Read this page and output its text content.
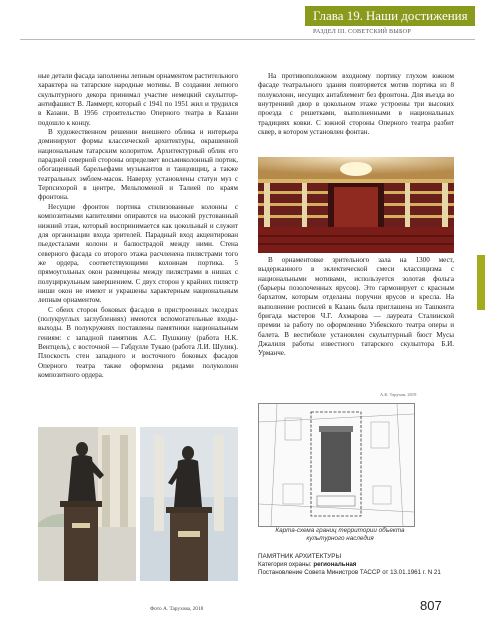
Глава 19. Наши достижения
РАЗДЕЛ III. СОВЕТСКИЙ ВЫБОР

ные детали фасада заполнены лепным орнаментом растительного характера на татарские народные мотивы. В создании лепного скульптурного декора принимал участие немецкий скульптор-антифашист В. Ламмерт, который с 1941 по 1951 жил и трудился в Казани. В 1956 строительство Оперного театра в Казани подошло к концу.

В художественном решении внешнего облика и интерьера доминируют формы классической архитектуры, окрашенной национальным татарским колоритом. Архитектурный облик его парадной северной стороны определяет восьмиколонный портик, обогащенный барельефами музыкантов и танцовщиц, а также театральных эмблем-масок. Наверху установлены статуи муз с Терпсихорой в центре, Мельпоменой и Талией по краям фронтона.

Несущие фронтон портика стилизованные колонны с композитными капителями опираются на высокий рустованный нижний этаж, который воспринимается как цокольный и служит для организации входа зрителей. Парадный вход акцентирован пьедесталами колонн и балюстрадой между ними. Стена северного фасада со второго этажа расчленена пилястрами того же ордера, соответствующими колоннам портика. 5 прямоугольных окон размещены между пилястрами в нишах с полуциркульным завершением. С двух сторон у крайних пилястр ниши окон не имеют и украшены характерным национальным лепным орнаментом.

С обеих сторон боковых фасадов в пристроенных экседрах (полукруглых заглублениях) имеются вспомогательные входы-выходы. В полукружиях поставлены памятники национальным гениям: с западной памятник А.С. Пушкину (работа Н.К. Вентцель), с восточной — Габдулле Тукаю (работа Л.И. Шулик). Плоскость стен западного и восточного боковых фасадов Оперного театра также оформлена рядами полуколонн композитного ордера.

На противоположном входному портику глухом южном фасаде театрального здания повторяется мотив портика из 8 полуколонн, несущих антаблемент без фронтона. Для въезда во внутренний двор в цокольном этаже устроены три высоких проезда с решетками, выполненными в национальных традициях ковки. С южной стороны Оперного театра разбит сквер, в котором установлен фонтан.

В орнаментовке зрительного зала на 1300 мест, выдержанного в эклектической смеси классицизма с национальными мотивами, используется золотая фольга (барьеры позолоченных ярусов). Это гармонирует с красным бархатом, которым отделаны поручни ярусов и кресла. На выполнение росписей в Казань была приглашена из Ташкента бригада мастеров Ч.Г. Ахмарова — лауреата Сталинской премии за работу по оформлению Узбекского театра оперы и балета. В вестибюле установлен скульптурный бюст Мусы Джалиля работы известного татарского скульптора Б.И. Урманче.

А.К. Тарухов, 2019
Карта-схема границ территории объекта культурного наследия
ПАМЯТНИК АРХИТЕКТУРЫ
Категория охраны: региональная
Постановление Совета Министров ТАССР от 13.01.1961 г. N 21
Фото А. Тарухова, 2018	807
